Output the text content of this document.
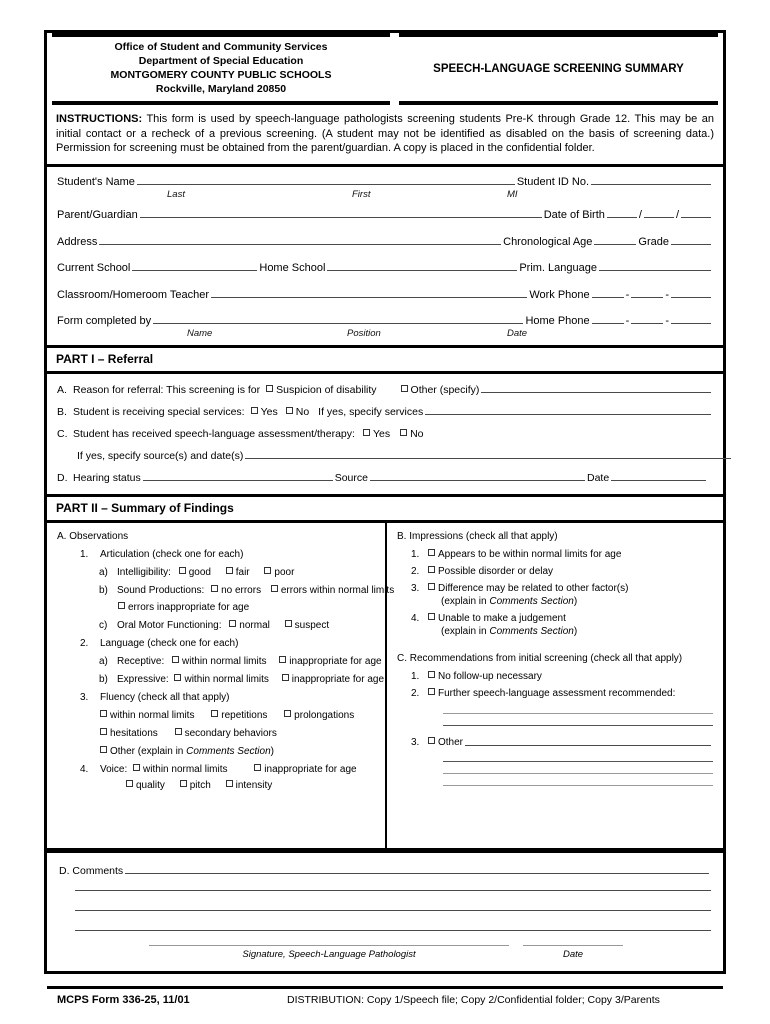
Office of Student and Community Services
Department of Special Education
MONTGOMERY COUNTY PUBLIC SCHOOLS
Rockville, Maryland 20850
SPEECH-LANGUAGE SCREENING SUMMARY
INSTRUCTIONS: This form is used by speech-language pathologists screening students Pre-K through Grade 12. This may be an initial contact or a recheck of a previous screening. (A student may not be identified as disabled on the basis of screening data.) Permission for screening must be obtained from the parent/guardian. A copy is placed in the confidential folder.
Student's Name	Student ID No.
Last	First	MI
Parent/Guardian	Date of Birth	/	/
Address	Chronological Age	Grade
Current School	Home School	Prim. Language
Classroom/Homeroom Teacher	Work Phone	-	-
Form completed by	Home Phone	-	-
Name	Position	Date
PART I – Referral
A. Reason for referral: This screening is for Suspicion of disability	Other (specify)
B. Student is receiving special services: Yes No If yes, specify services
C. Student has received speech-language assessment/therapy: Yes No
If yes, specify source(s) and date(s)
D. Hearing status	Source	Date
PART II – Summary of Findings
A. Observations
1.	Articulation (check one for each)
a) Intelligibility: good fair poor
b) Sound Productions: no errors errors within normal limits
errors inappropriate for age
c) Oral Motor Functioning: normal suspect
2.	Language (check one for each)
a) Receptive: within normal limits inappropriate for age
b) Expressive: within normal limits inappropriate for age
3.	Fluency (check all that apply)
within normal limits	repetitions	prolongations
hesitations	secondary behaviors
Other (explain in Comments Section)
4.	Voice: within normal limits	inappropriate for age
quality pitch intensity
B. Impressions (check all that apply)
1.	Appears to be within normal limits for age
2.	Possible disorder or delay
3.	Difference may be related to other factor(s)
(explain in Comments Section)
4.	Unable to make a judgement
(explain in Comments Section)
C. Recommendations from initial screening (check all that apply)
1.	No follow-up necessary
2.	Further speech-language assessment recommended:
3.	Other
D. Comments
Signature, Speech-Language Pathologist	Date
MCPS Form 336-25, 11/01	DISTRIBUTION: Copy 1/Speech file; Copy 2/Confidential folder; Copy 3/Parents
